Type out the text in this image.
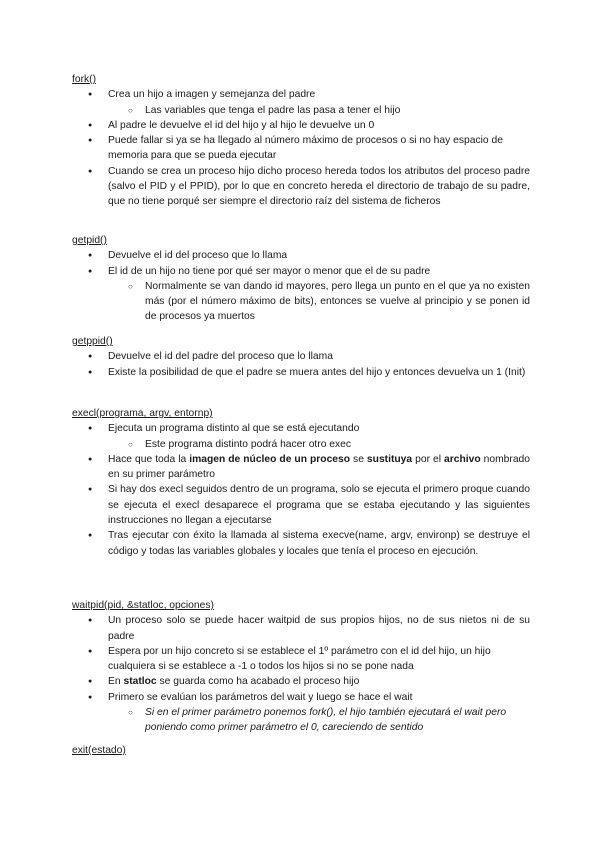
fork()
● Crea un hijo a imagen y semejanza del padre
○ Las variables que tenga el padre las pasa a tener el hijo
● Al padre le devuelve el id del hijo y al hijo le devuelve un 0
● Puede fallar si ya se ha llegado al número máximo de procesos o si no hay espacio de memoria para que se pueda ejecutar
● Cuando se crea un proceso hijo dicho proceso hereda todos los atributos del proceso padre (salvo el PID y el PPID), por lo que en concreto hereda el directorio de trabajo de su padre, que no tiene porqué ser siempre el directorio raíz del sistema de ficheros
getpid()
● Devuelve el id del proceso que lo llama
● El id de un hijo no tiene por qué ser mayor o menor que el de su padre
○ Normalmente se van dando id mayores, pero llega un punto en el que ya no existen más (por el número máximo de bits), entonces se vuelve al principio y se ponen id de procesos ya muertos
getppid()
● Devuelve el id del padre del proceso que lo llama
● Existe la posibilidad de que el padre se muera antes del hijo y entonces devuelva un 1 (Init)
execl(programa, argv, entornp)
● Ejecuta un programa distinto al que se está ejecutando
○ Este programa distinto podrá hacer otro exec
● Hace que toda la imagen de núcleo de un proceso se sustituya por el archivo nombrado en su primer parámetro
● Si hay dos execl seguidos dentro de un programa, solo se ejecuta el primero proque cuando se ejecuta el execl desaparece el programa que se estaba ejecutando y las siguientes instrucciones no llegan a ejecutarse
● Tras ejecutar con éxito la llamada al sistema execve(name, argv, environp) se destruye el código y todas las variables globales y locales que tenía el proceso en ejecución.
waitpid(pid, &statloc, opciones)
● Un proceso solo se puede hacer waitpid de sus propios hijos, no de sus nietos ni de su padre
● Espera por un hijo concreto si se establece el 1º parámetro con el id del hijo, un hijo cualquiera si se establece a -1 o todos los hijos si no se pone nada
● En statloc se guarda como ha acabado el proceso hijo
● Primero se evalúan los parámetros del wait y luego se hace el wait
○ Si en el primer parámetro ponemos fork(), el hijo también ejecutará el wait pero poniendo como primer parámetro el 0, careciendo de sentido
exit(estado)
